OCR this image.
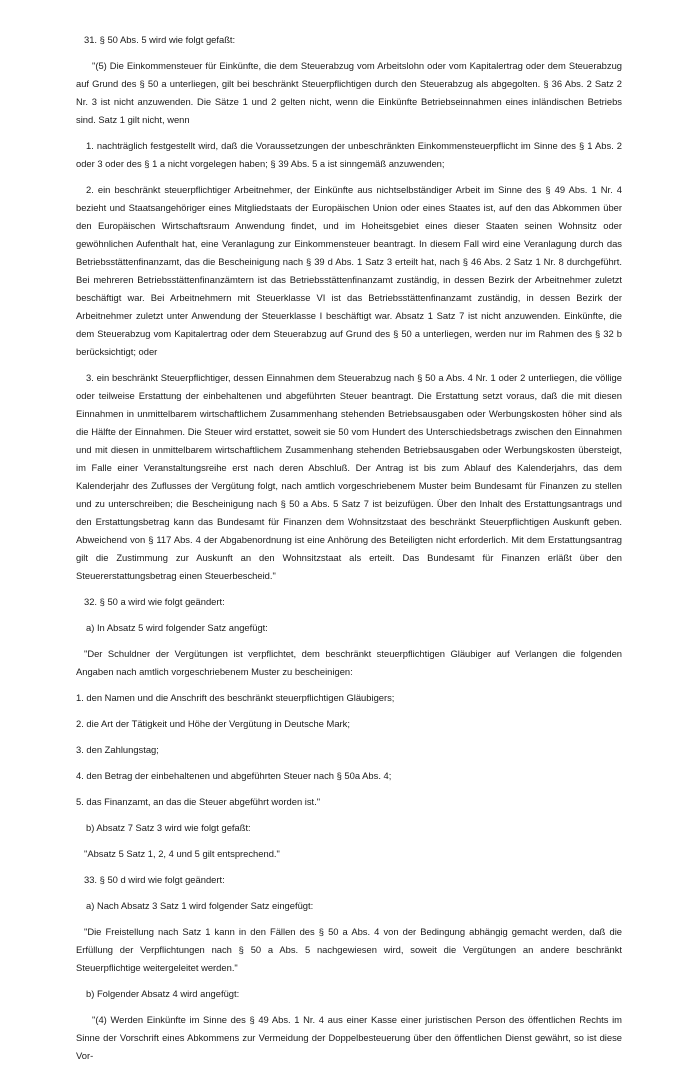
31. § 50 Abs. 5 wird wie folgt gefaßt:

"(5) Die Einkommensteuer für Einkünfte, die dem Steuerabzug vom Arbeitslohn oder vom Kapitalertrag oder dem Steuerabzug auf Grund des § 50 a unterliegen, gilt bei beschränkt Steuerpflichtigen durch den Steuerabzug als abgegolten. § 36 Abs. 2 Satz 2 Nr. 3 ist nicht anzuwenden. Die Sätze 1 und 2 gelten nicht, wenn die Einkünfte Betriebseinnahmen eines inländischen Betriebs sind. Satz 1 gilt nicht, wenn

1. nachträglich festgestellt wird, daß die Voraussetzungen der unbeschränkten Einkommensteuerpflicht im Sinne des § 1 Abs. 2 oder 3 oder des § 1 a nicht vorgelegen haben; § 39 Abs. 5 a ist sinngemäß anzuwenden;

2. ein beschränkt steuerpflichtiger Arbeitnehmer, der Einkünfte aus nichtselbständiger Arbeit im Sinne des § 49 Abs. 1 Nr. 4 bezieht und Staatsangehöriger eines Mitgliedstaats der Europäischen Union oder eines Staates ist, auf den das Abkommen über den Europäischen Wirtschaftsraum Anwendung findet, und im Hoheitsgebiet eines dieser Staaten seinen Wohnsitz oder gewöhnlichen Aufenthalt hat, eine Veranlagung zur Einkommensteuer beantragt. In diesem Fall wird eine Veranlagung durch das Betriebsstättenfinanzamt, das die Bescheinigung nach § 39 d Abs. 1 Satz 3 erteilt hat, nach § 46 Abs. 2 Satz 1 Nr. 8 durchgeführt. Bei mehreren Betriebsstättenfinanzämtern ist das Betriebsstättenfinanzamt zuständig, in dessen Bezirk der Arbeitnehmer zuletzt beschäftigt war. Bei Arbeitnehmern mit Steuerklasse VI ist das Betriebsstättenfinanzamt zuständig, in dessen Bezirk der Arbeitnehmer zuletzt unter Anwendung der Steuerklasse I beschäftigt war. Absatz 1 Satz 7 ist nicht anzuwenden. Einkünfte, die dem Steuerabzug vom Kapitalertrag oder dem Steuerabzug auf Grund des § 50 a unterliegen, werden nur im Rahmen des § 32 b berücksichtigt; oder

3. ein beschränkt Steuerpflichtiger, dessen Einnahmen dem Steuerabzug nach § 50 a Abs. 4 Nr. 1 oder 2 unterliegen, die völlige oder teilweise Erstattung der einbehaltenen und abgeführten Steuer beantragt. Die Erstattung setzt voraus, daß die mit diesen Einnahmen in unmittelbarem wirtschaftlichem Zusammenhang stehenden Betriebsausgaben oder Werbungskosten höher sind als die Hälfte der Einnahmen. Die Steuer wird erstattet, soweit sie 50 vom Hundert des Unterschiedsbetrags zwischen den Einnahmen und mit diesen in unmittelbarem wirtschaftlichem Zusammenhang stehenden Betriebsausgaben oder Werbungskosten übersteigt, im Falle einer Veranstaltungsreihe erst nach deren Abschluß. Der Antrag ist bis zum Ablauf des Kalenderjahrs, das dem Kalenderjahr des Zuflusses der Vergütung folgt, nach amtlich vorgeschriebenem Muster beim Bundesamt für Finanzen zu stellen und zu unterschreiben; die Bescheinigung nach § 50 a Abs. 5 Satz 7 ist beizufügen. Über den Inhalt des Erstattungsantrags und den Erstattungsbetrag kann das Bundesamt für Finanzen dem Wohnsitzstaat des beschränkt Steuerpflichtigen Auskunft geben. Abweichend von § 117 Abs. 4 der Abgabenordnung ist eine Anhörung des Beteiligten nicht erforderlich. Mit dem Erstattungsantrag gilt die Zustimmung zur Auskunft an den Wohnsitzstaat als erteilt. Das Bundesamt für Finanzen erläßt über den Steuererstattungsbetrag einen Steuerbescheid."

32. § 50 a wird wie folgt geändert:

a) In Absatz 5 wird folgender Satz angefügt:

"Der Schuldner der Vergütungen ist verpflichtet, dem beschränkt steuerpflichtigen Gläubiger auf Verlangen die folgenden Angaben nach amtlich vorgeschriebenem Muster zu bescheinigen:

1. den Namen und die Anschrift des beschränkt steuerpflichtigen Gläubigers;

2. die Art der Tätigkeit und Höhe der Vergütung in Deutsche Mark;

3. den Zahlungstag;

4. den Betrag der einbehaltenen und abgeführten Steuer nach § 50a Abs. 4;

5. das Finanzamt, an das die Steuer abgeführt worden ist."

b) Absatz 7 Satz 3 wird wie folgt gefaßt:

"Absatz 5 Satz 1, 2, 4 und 5 gilt entsprechend."

33. § 50 d wird wie folgt geändert:

a) Nach Absatz 3 Satz 1 wird folgender Satz eingefügt:

"Die Freistellung nach Satz 1 kann in den Fällen des § 50 a Abs. 4 von der Bedingung abhängig gemacht werden, daß die Erfüllung der Verpflichtungen nach § 50 a Abs. 5 nachgewiesen wird, soweit die Vergütungen an andere beschränkt Steuerpflichtige weitergeleitet werden."

b) Folgender Absatz 4 wird angefügt:

"(4) Werden Einkünfte im Sinne des § 49 Abs. 1 Nr. 4 aus einer Kasse einer juristischen Person des öffentlichen Rechts im Sinne der Vorschrift eines Abkommens zur Vermeidung der Doppelbesteuerung über den öffentlichen Dienst gewährt, so ist diese Vor-
